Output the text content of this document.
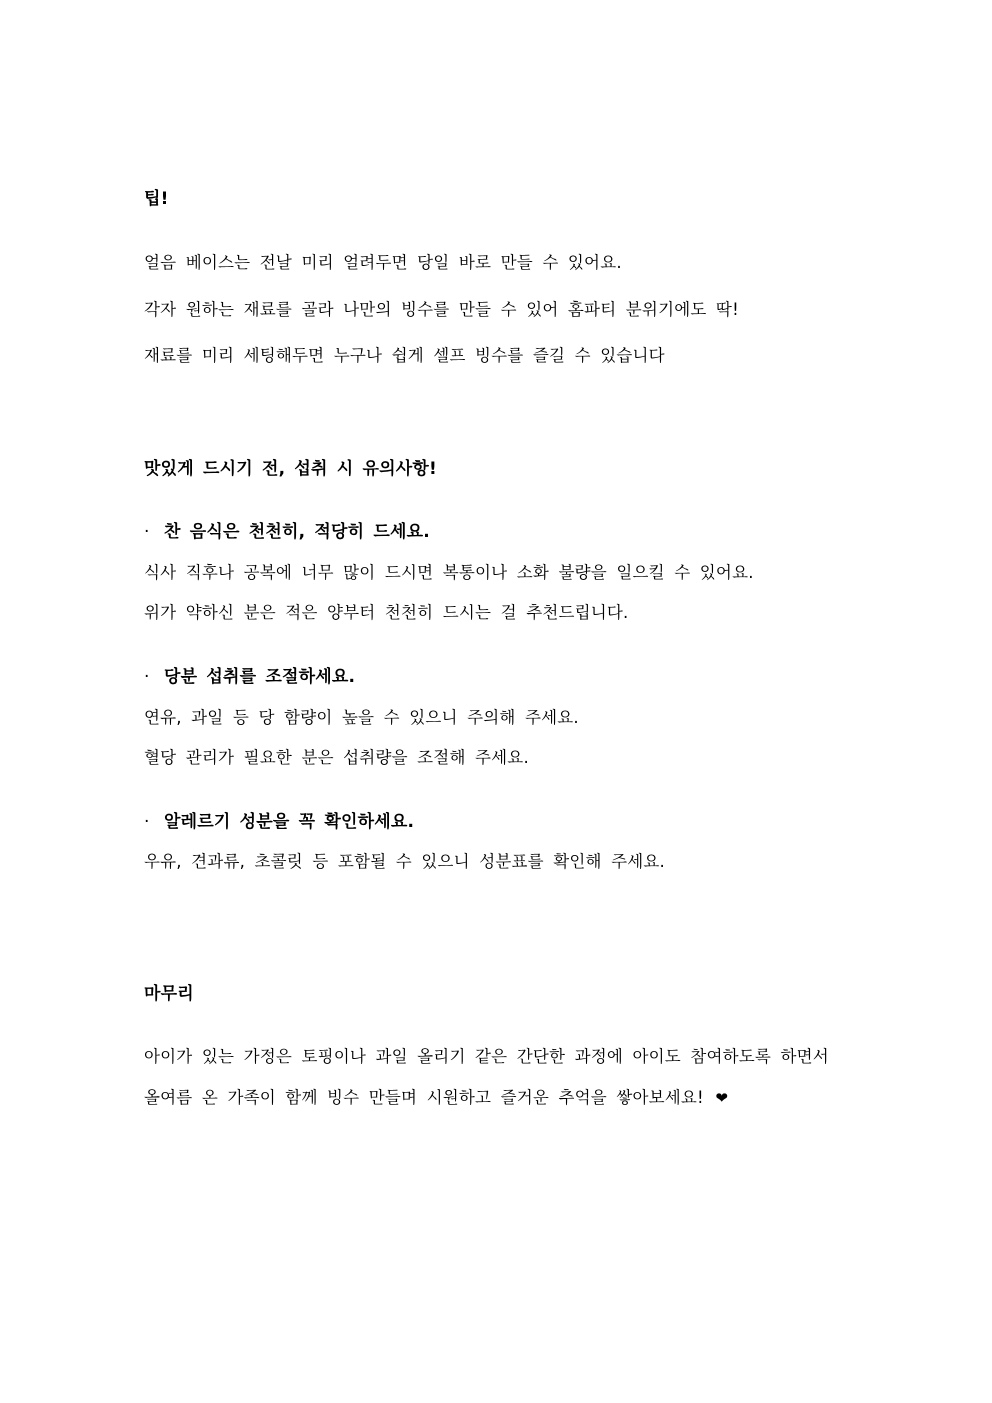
팁!
얼음 베이스는 전날 미리 얼려두면 당일 바로 만들 수 있어요.
각자 원하는 재료를 골라 나만의 빙수를 만들 수 있어 홈파티 분위기에도 딱!
재료를 미리 세팅해두면 누구나 쉽게 셀프 빙수를 즐길 수 있습니다
맛있게 드시기 전, 섭취 시 유의사항!
· 찬 음식은 천천히, 적당히 드세요.
식사 직후나 공복에 너무 많이 드시면 복통이나 소화 불량을 일으킬 수 있어요.
위가 약하신 분은 적은 양부터 천천히 드시는 걸 추천드립니다.
· 당분 섭취를 조절하세요.
연유, 과일 등 당 함량이 높을 수 있으니 주의해 주세요.
혈당 관리가 필요한 분은 섭취량을 조절해 주세요.
· 알레르기 성분을 꼭 확인하세요.
우유, 견과류, 초콜릿 등 포함될 수 있으니 성분표를 확인해 주세요.
마무리
아이가 있는 가정은 토핑이나 과일 올리기 같은 간단한 과정에 아이도 참여하도록 하면서
올여름 온 가족이 함께 빙수 만들며 시원하고 즐거운 추억을 쌓아보세요! ❤
